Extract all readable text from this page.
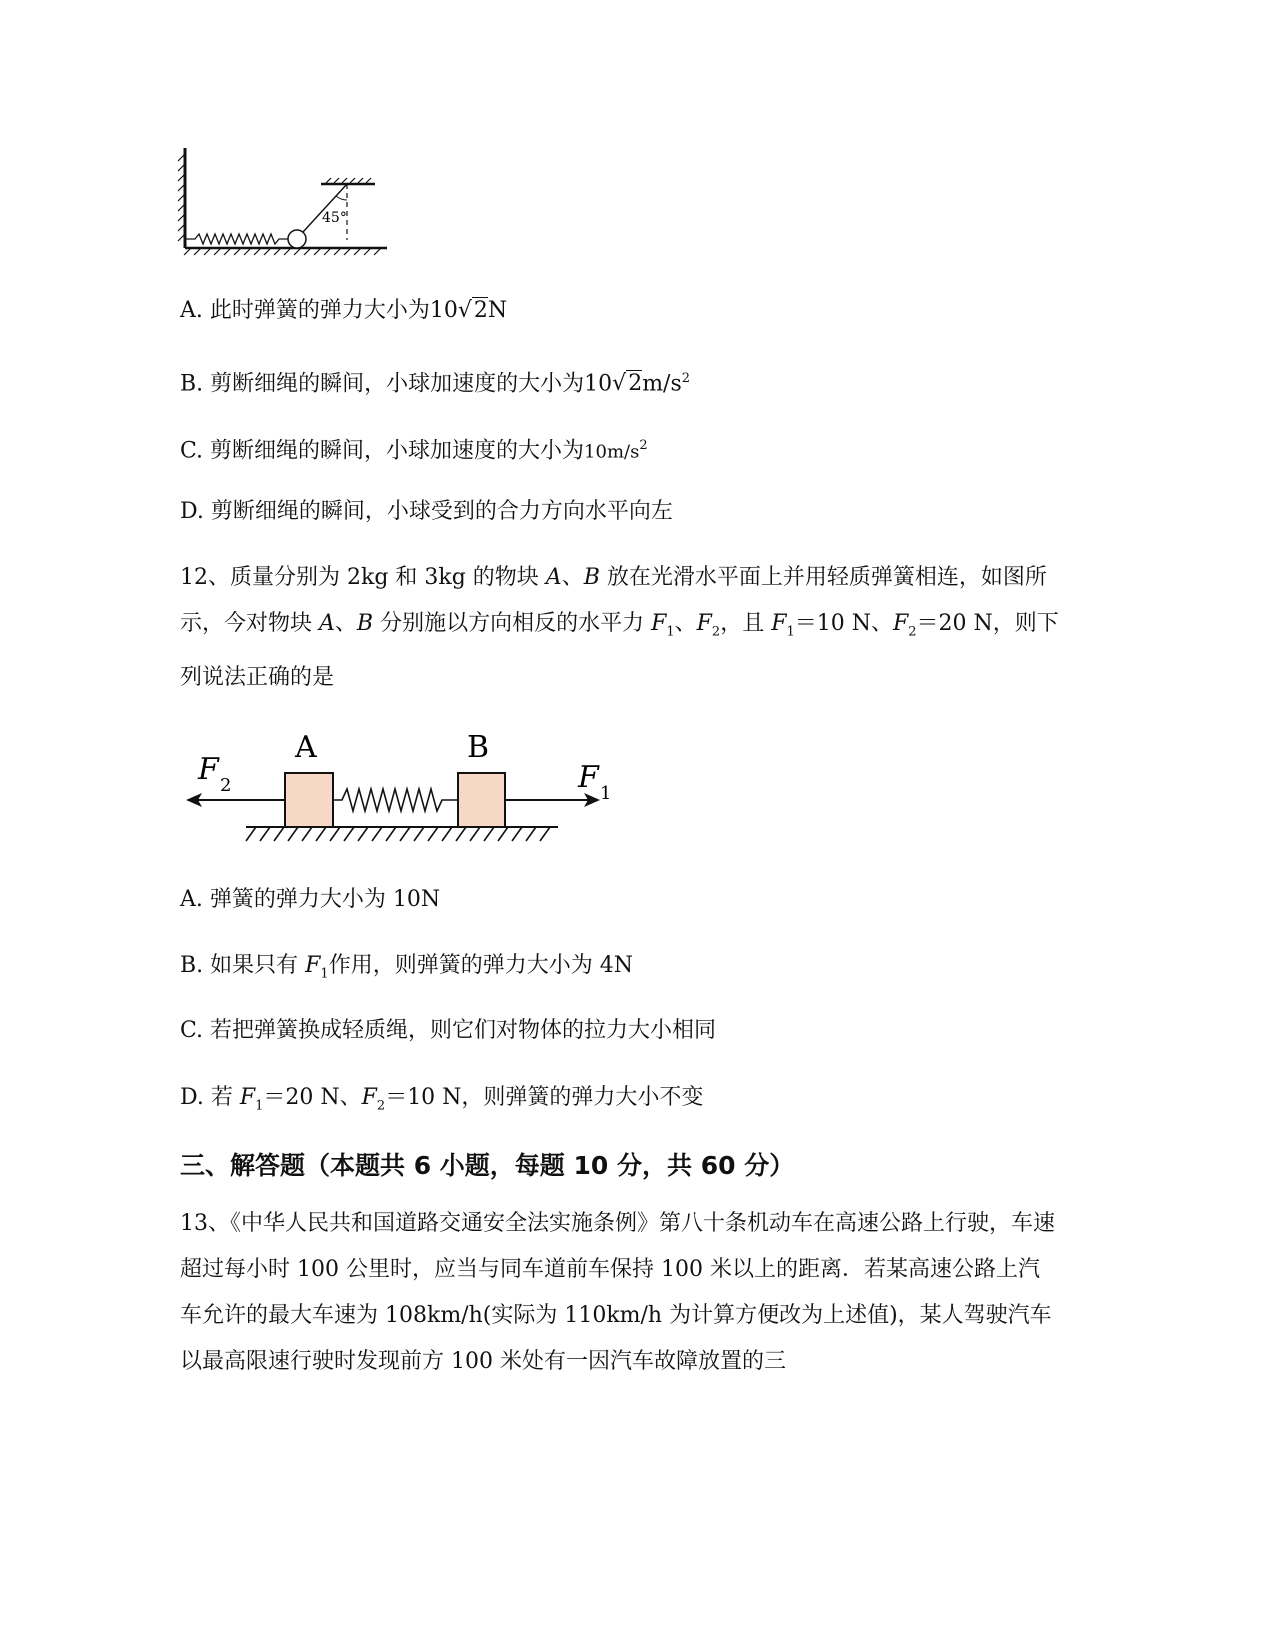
45°
A. 此时弹簧的弹力大小为10√2N
B. 剪断细绳的瞬间，小球加速度的大小为$10√2m/s^2$
C. 剪断细绳的瞬间，小球加速度的大小为$10m/s^2$
D. 剪断细绳的瞬间，小球受到的合力方向水平向左
12、质量分别为 2kg 和 3kg 的物块 A、B 放在光滑水平面上并用轻质弹簧相连，如图所示，今对物块 A、B 分别施以方向相反的水平力 $F_1$、$F_2$，且 $F_1=10$ N、$F_2=20$ N，则下列说法正确的是
A	B
F 2	F 1
A. 弹簧的弹力大小为 10N
B. 如果只有 $F_1$作用，则弹簧的弹力大小为 4N
C. 若把弹簧换成轻质绳，则它们对物体的拉力大小相同
D. 若 $F_1=20$ N、$F_2=10$ N，则弹簧的弹力大小不变
三、解答题（本题共 6 小题，每题 10 分，共 60 分）
13、《中华人民共和国道路交通安全法实施条例》第八十条机动车在高速公路上行驶，车速超过每小时 100 公里时，应当与同车道前车保持 100 米以上的距离．若某高速公路上汽车允许的最大车速为 108km/h(实际为 110km/h 为计算方便改为上述值)，某人驾驶汽车以最高限速行驶时发现前方 100 米处有一因汽车故障放置的三
